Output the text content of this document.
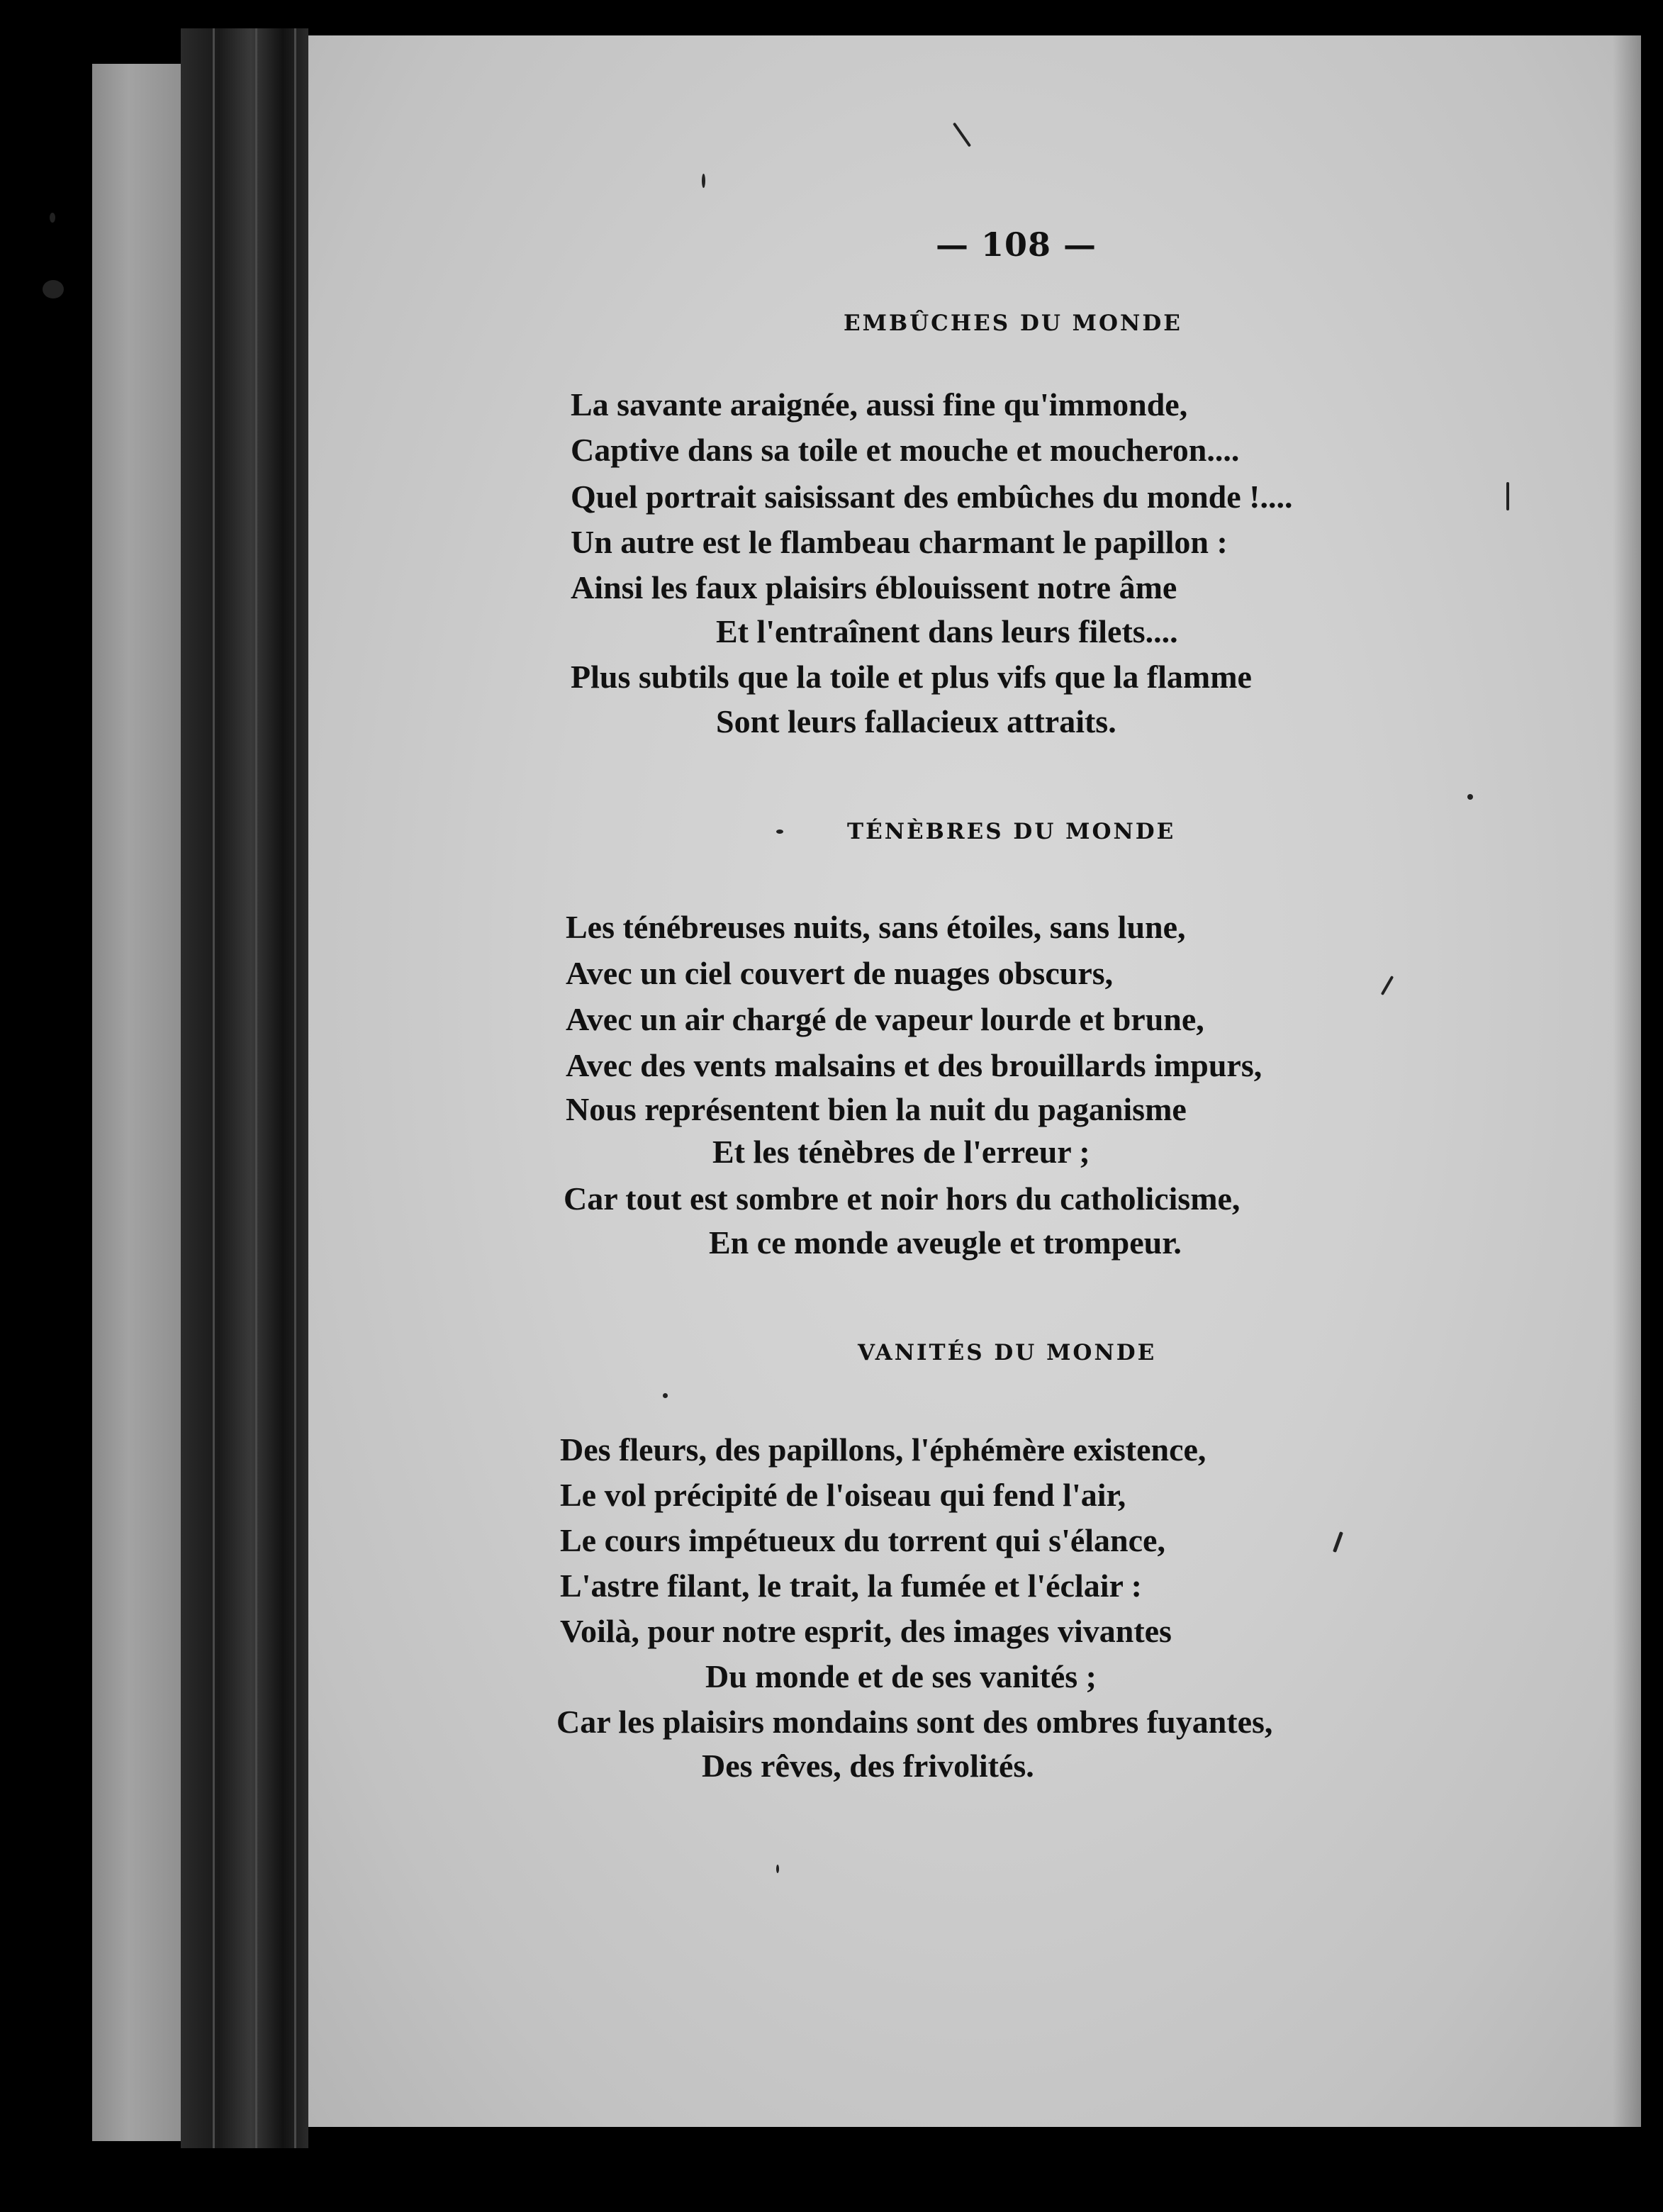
— 108 —
EMBÛCHES DU MONDE
La savante araignée, aussi fine qu'immonde,
Captive dans sa toile et mouche et moucheron....
Quel portrait saisissant des embûches du monde !....
Un autre est le flambeau charmant le papillon :
Ainsi les faux plaisirs éblouissent notre âme
Et l'entraînent dans leurs filets....
Plus subtils que la toile et plus vifs que la flamme
Sont leurs fallacieux attraits.
TÉNÈBRES DU MONDE
Les ténébreuses nuits, sans étoiles, sans lune,
Avec un ciel couvert de nuages obscurs,
Avec un air chargé de vapeur lourde et brune,
Avec des vents malsains et des brouillards impurs,
Nous représentent bien la nuit du paganisme
Et les ténèbres de l'erreur ;
Car tout est sombre et noir hors du catholicisme,
En ce monde aveugle et trompeur.
VANITÉS DU MONDE
Des fleurs, des papillons, l'éphémère existence,
Le vol précipité de l'oiseau qui fend l'air,
Le cours impétueux du torrent qui s'élance,
L'astre filant, le trait, la fumée et l'éclair :
Voilà, pour notre esprit, des images vivantes
Du monde et de ses vanités ;
Car les plaisirs mondains sont des ombres fuyantes,
Des rêves, des frivolités.
